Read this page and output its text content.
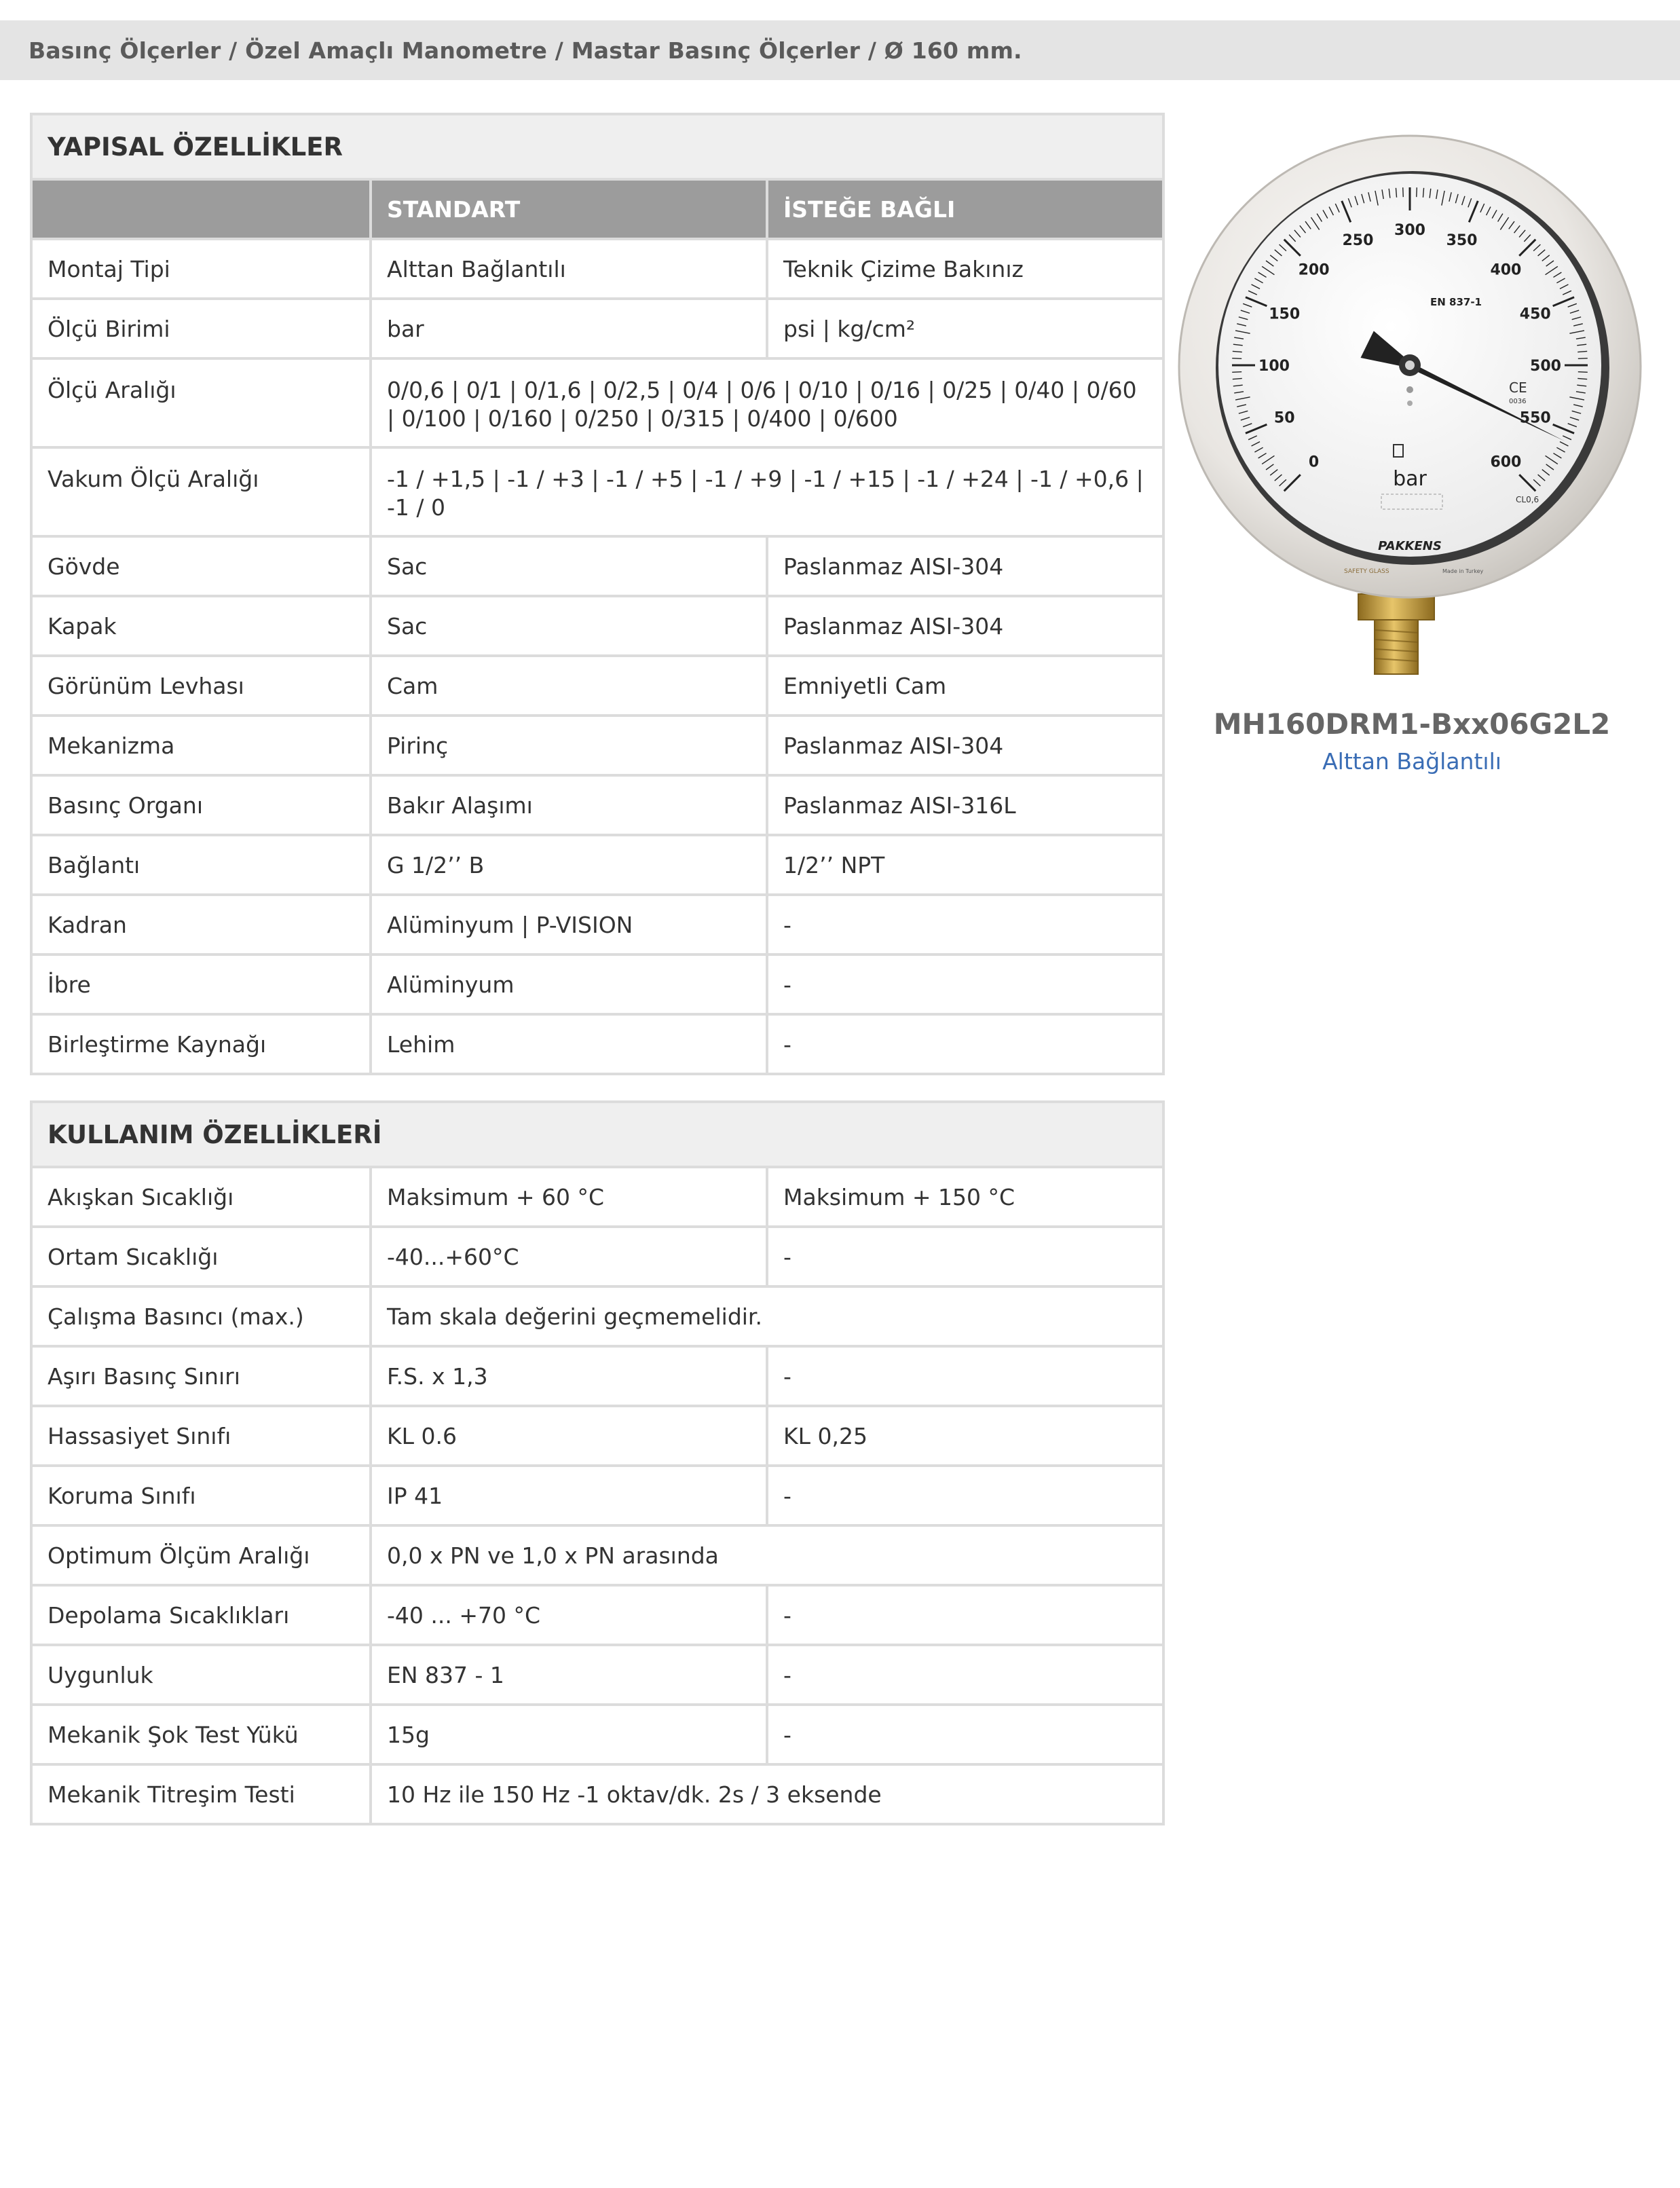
Basınç Ölçerler / Özel Amaçlı Manometre / Mastar Basınç Ölçerler / Ø 160 mm.
YAPISAL ÖZELLİKLER		
	STANDART	İSTEĞE BAĞLI
Montaj Tipi	Alttan Bağlantılı	Teknik Çizime Bakınız
Ölçü Birimi	bar	psi | kg/cm²
Ölçü Aralığı	0/0,6 | 0/1 | 0/1,6 | 0/2,5 | 0/4 | 0/6 | 0/10 | 0/16 | 0/25 | 0/40 | 0/60 | 0/100 | 0/160 | 0/250 | 0/315 | 0/400 | 0/600	
Vakum Ölçü Aralığı	-1 / +1,5 | -1 / +3 | -1 / +5 | -1 / +9 | -1 / +15 | -1 / +24 | -1 / +0,6 | -1 / 0	
Gövde	Sac	Paslanmaz AISI-304
Kapak	Sac	Paslanmaz AISI-304
Görünüm Levhası	Cam	Emniyetli Cam
Mekanizma	Pirinç	Paslanmaz AISI-304
Basınç Organı	Bakır Alaşımı	Paslanmaz AISI-316L
Bağlantı	G 1/2’’ B	1/2’’ NPT
Kadran	Alüminyum | P-VISION	-
İbre	Alüminyum	-
Birleştirme Kaynağı	Lehim	-
KULLANIM ÖZELLİKLERİ		
Akışkan Sıcaklığı	Maksimum + 60 °C	Maksimum + 150 °C
Ortam Sıcaklığı	-40...+60°C	-
Çalışma Basıncı (max.)	Tam skala değerini geçmemelidir.	
Aşırı Basınç Sınırı	F.S. x 1,3	-
Hassasiyet Sınıfı	KL 0.6	KL 0,25
Koruma Sınıfı	IP 41	-
Optimum Ölçüm Aralığı	0,0 x PN ve 1,0 x PN arasında	
Depolama Sıcaklıkları	-40 ... +70 °C	-
Uygunluk	EN 837 - 1	-
Mekanik Şok Test Yükü	15g	-
Mekanik Titreşim Testi	10 Hz ile 150 Hz -1 oktav/dk. 2s / 3 eksende	
0
50
100
150
200
250
300
350
400
450
500
550
600
EN 837-1
CE
0036
bar
CL0,6
PAKKENS
SAFETY GLASS	Made in Turkey
MH160DRM1-Bxx06G2L2
Alttan Bağlantılı
